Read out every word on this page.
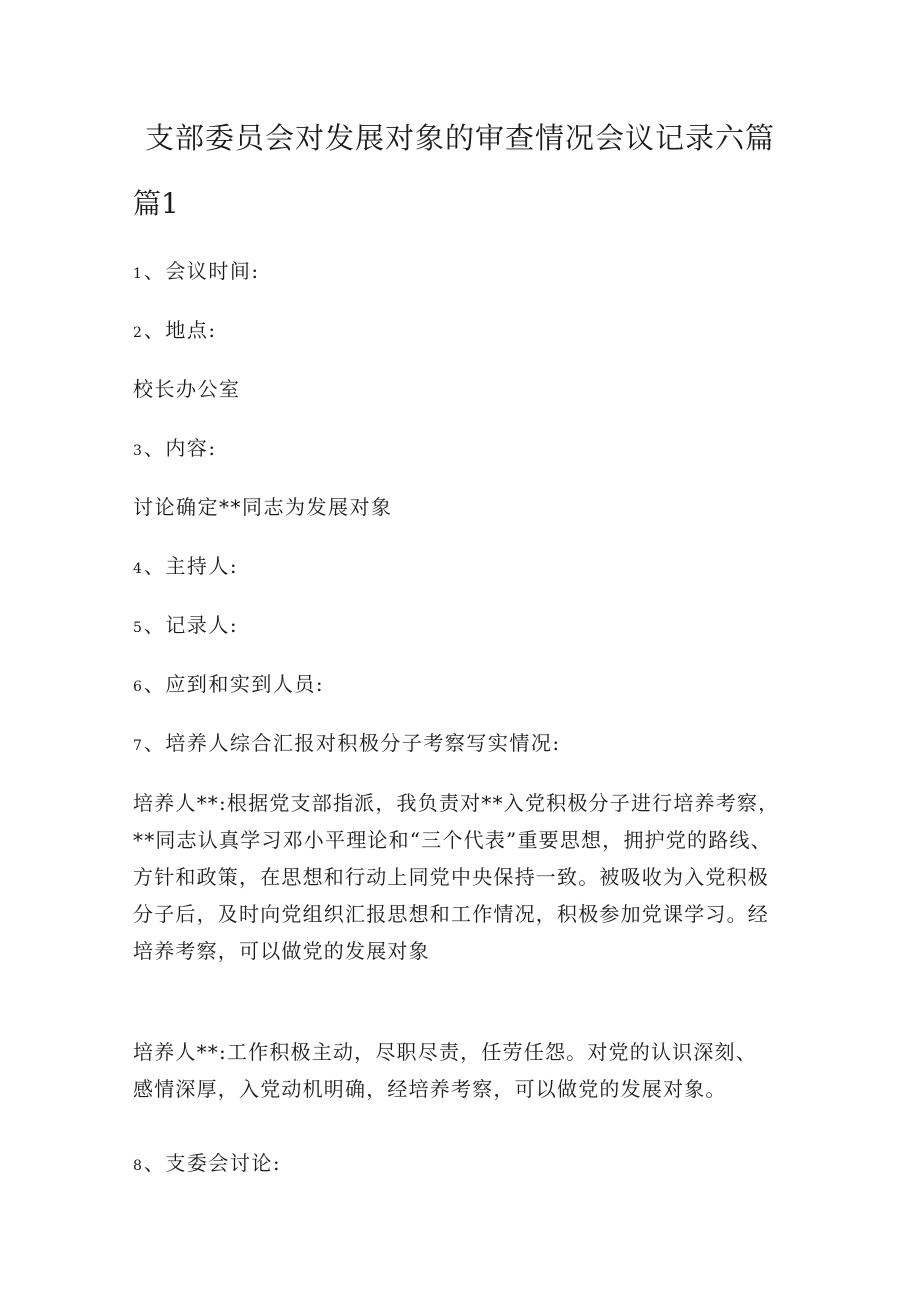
支部委员会对发展对象的审查情况会议记录六篇
篇1
1 、会议时间:
2 、地点:
校长办公室
3 、内容:
讨论确定**同志为发展对象
4 、主持人:
5 、记录人:
6 、应到和实到人员:
7 、培养人综合汇报对积极分子考察写实情况:
培养人**:根据党支部指派，我负责对**入党积极分子进行培养考察，
**同志认真学习邓小平理论和“三个代表”重要思想，拥护党的路线、
方针和政策，在思想和行动上同党中央保持一致。被吸收为入党积极
分子后，及时向党组织汇报思想和工作情况，积极参加党课学习。经
培养考察，可以做党的发展对象
培养人**:工作积极主动，尽职尽责，任劳任怨。对党的认识深刻、
感情深厚，入党动机明确，经培养考察，可以做党的发展对象。
8 、支委会讨论:
